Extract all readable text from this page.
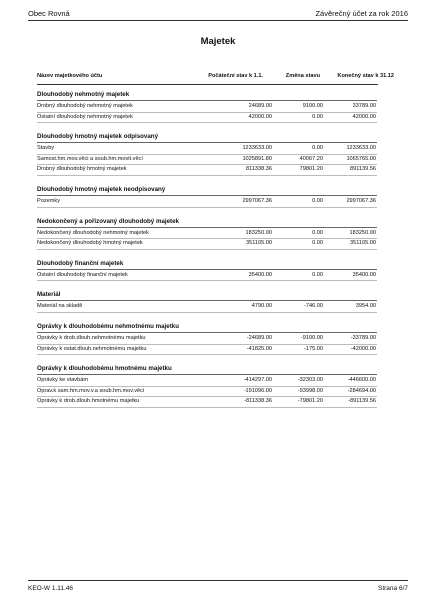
Obec Rovná	Závěrečný účet za rok 2016
Majetek
Název majetkového účtu	Počáteční stav k 1.1.	Změna stavu	Konečný stav k 31.12
Dlouhodobý nehmotný majetek
Drobný dlouhodobý nehmotný majetek	24689.00	9100.00	33789.00
Ostatní dlouhodobý nehmotný majetek	42000.00	0.00	42000.00
Dlouhodobý hmotný majetek odpisovaný
Stavby	1233633.00	0.00	1233633.00
Samost.hm.mov.věci a soub.hm.movit.věcí	1025891.80	40067.20	1065765.00
Drobný dlouhodobý hmotný majetek	811338.36	79801.20	891139.56
Dlouhodobý hmotný majetek neodpisovaný
Pozemky	2997067.36	0.00	2997067.36
Nedokončený a pořizovaný dlouhodobý majetek
Nedokončený dlouhodobý nehmotný majetek	183250.00	0.00	183250.00
Nedokončený dlouhodobý hmotný majetek	351105.00	0.00	351105.00
Dlouhodobý finanční majetek
Ostatní dlouhodobý finanční majetek	35400.00	0.00	35400.00
Materiál
Materiál na skladě	4790.00	-746.00	3954.00
Oprávky k dlouhodobému nehmotnému majetku
Oprávky k drob.dlouh.nehmotnému majetku	-24689.00	-9100.00	-33789.00
Oprávky k ostat.dlouh.nehmotnému majetku	-41825.00	-175.00	-42000.00
Oprávky k dlouhodobému hmotnému majetku
Oprávky ke stavbám	-414297.00	-32303.00	-446600.00
Oprav.k sam.hm.mov.v.a soub.hm.mov.věcí	-191096.00	-93998.00	-284694.00
Oprávky k drob.dlouh.hmotnému majetku	-811338.36	-79801.20	-891139.56
KEO-W 1.11.46	Strana 6/7
